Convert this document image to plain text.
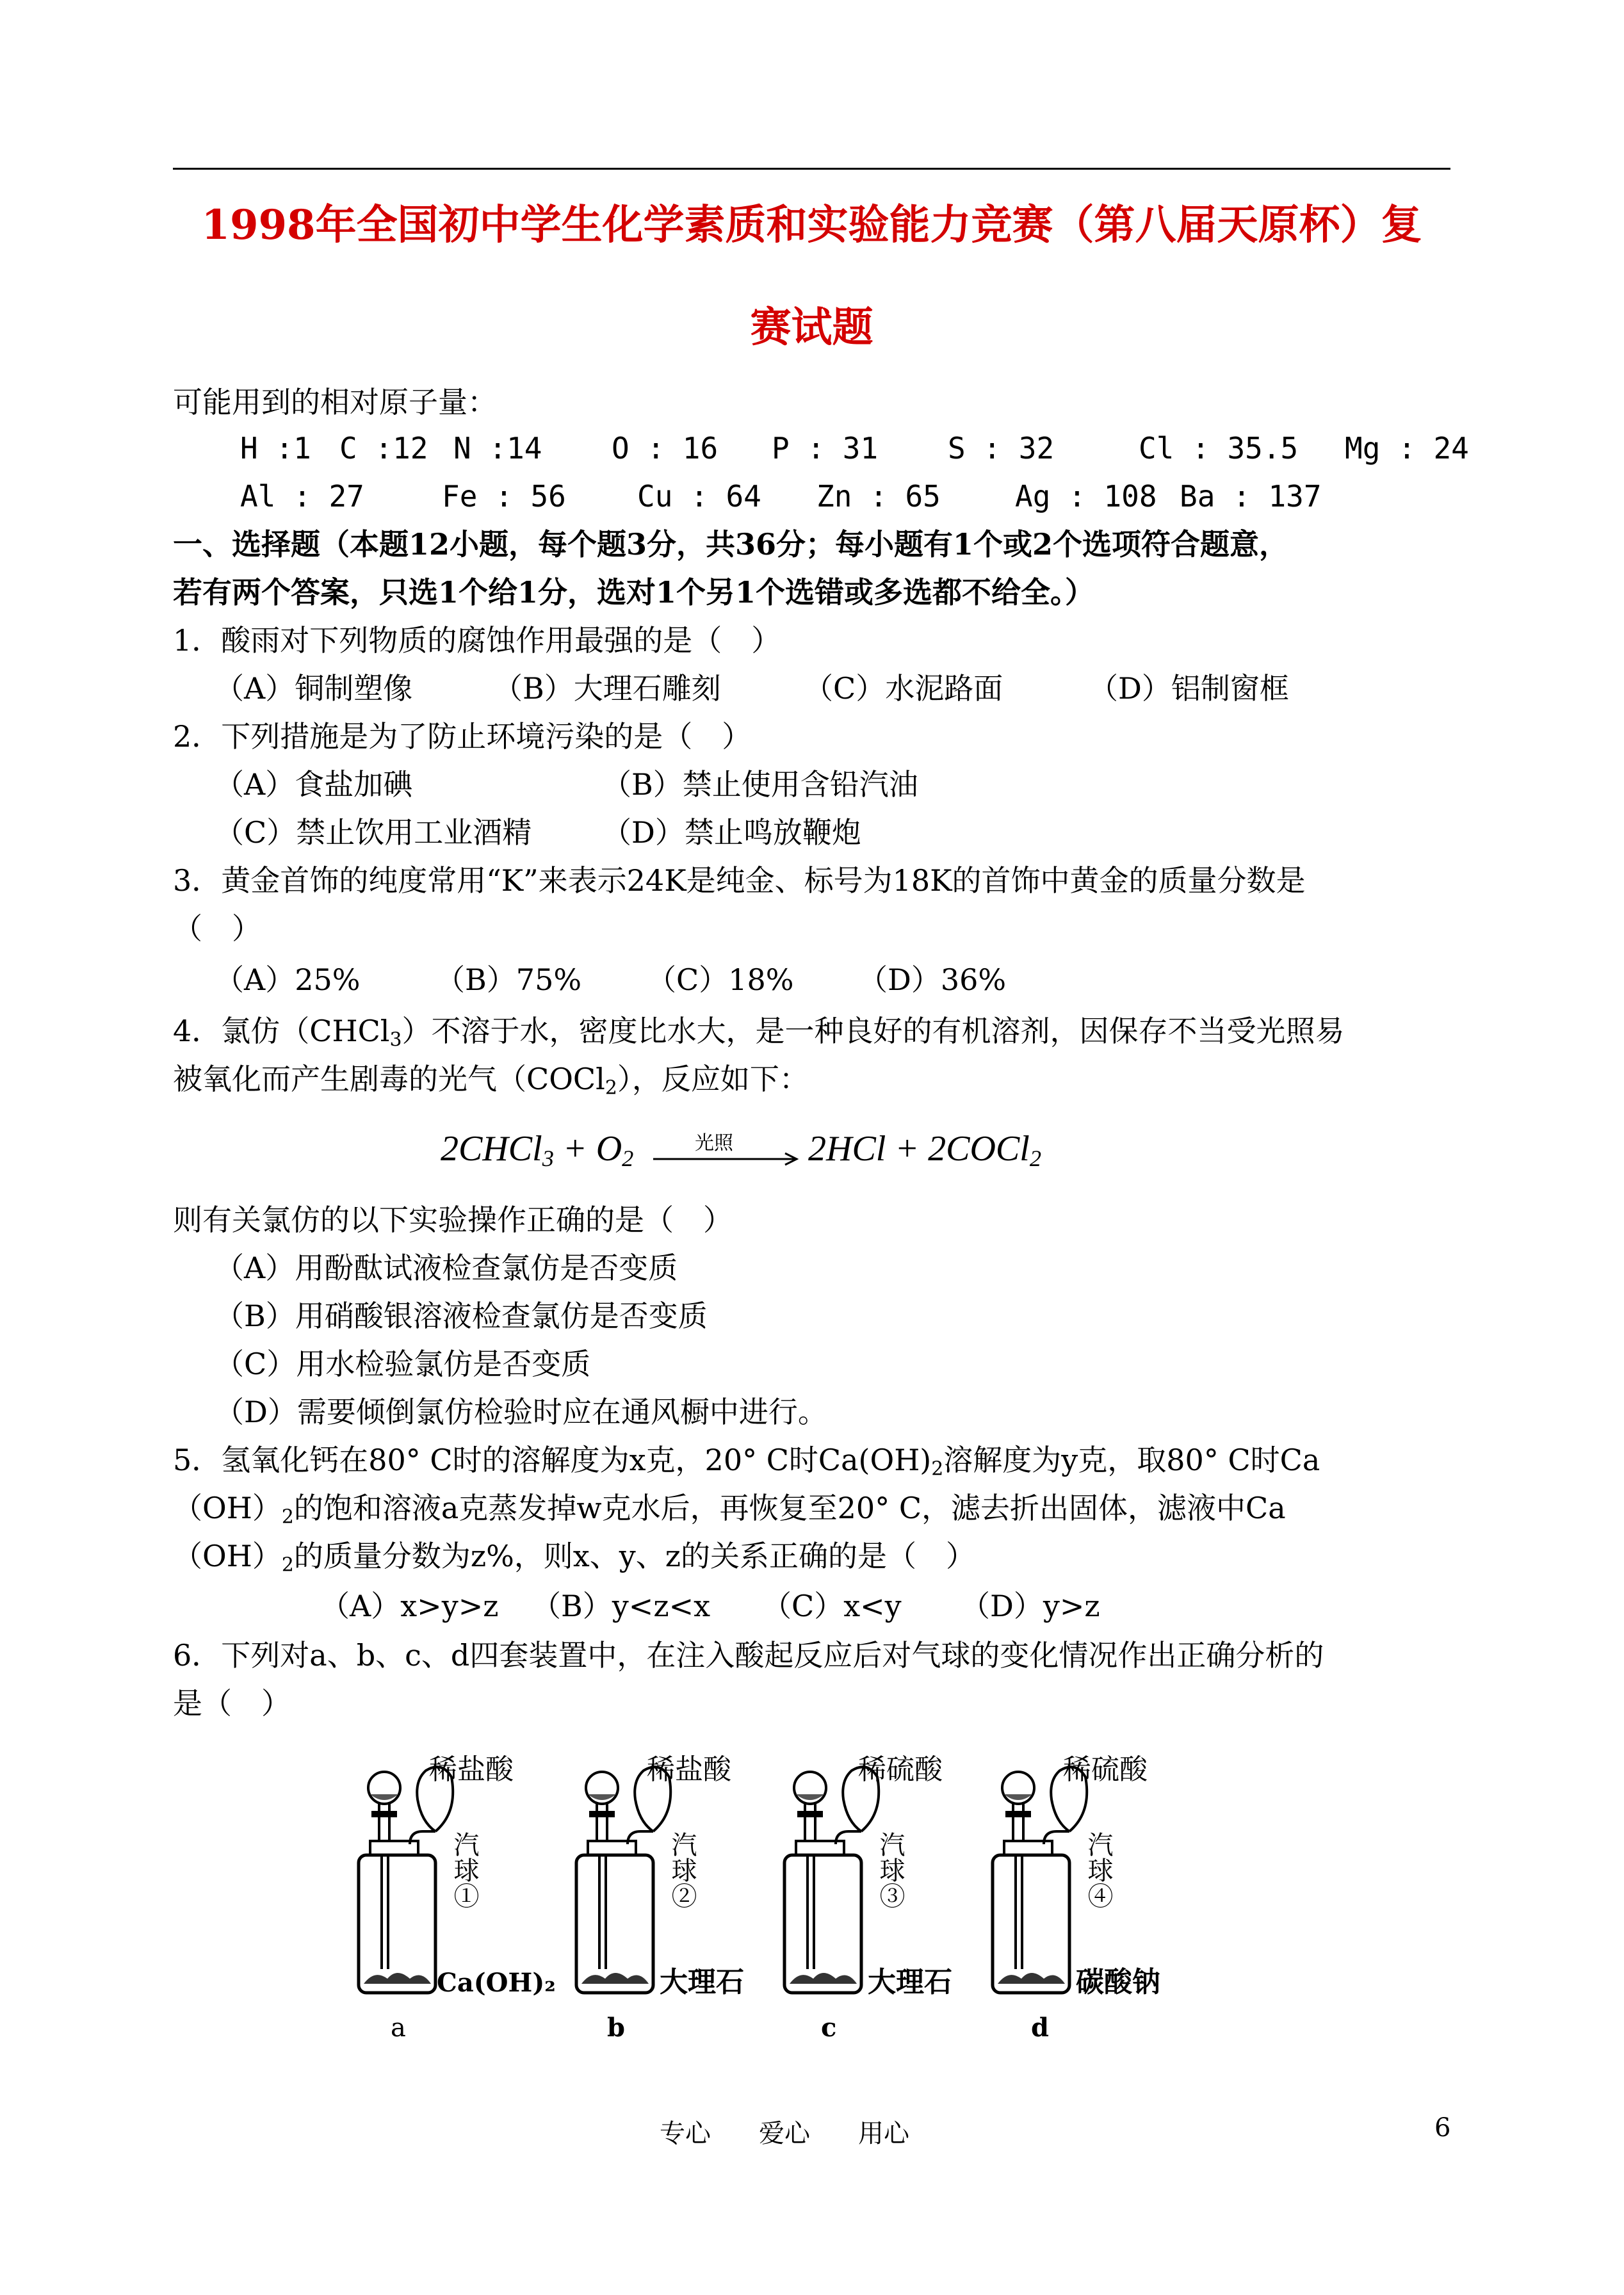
1998年全国初中学生化学素质和实验能力竞赛（第八届天原杯）复
赛试题
可能用到的相对原子量：
H :1 C :12 N :14 O : 16 P : 31 S : 32	Cl : 35.5 Mg : 24
Al : 27	Fe : 56 Cu : 64 Zn : 65	Ag : 108 Ba : 137
一、选择题（本题12小题，每个题3分，共36分；每小题有1个或2个选项符合题意，
若有两个答案，只选1个给1分，选对1个另1个选错或多选都不给全。）
1．酸雨对下列物质的腐蚀作用最强的是（　）
（A）铜制塑像	（B）大理石雕刻	（C）水泥路面	（D）铝制窗框
2．下列措施是为了防止环境污染的是（　）
（A）食盐加碘	（B）禁止使用含铅汽油
（C）禁止饮用工业酒精 （D）禁止鸣放鞭炮
3．黄金首饰的纯度常用“K”来表示24K是纯金、标号为18K的首饰中黄金的质量分数是
（　）
（A）25%	（B）75% （C）18% （D）36%
4．氯仿（CHCl$_3$）不溶于水，密度比水大，是一种良好的有机溶剂，因保存不当受光照易
被氧化而产生剧毒的光气（COCl$_2$），反应如下：
2CHCl$_3$ + $O_2$
光照 2HCl + 2COCl$_2$
则有关氯仿的以下实验操作正确的是（　）
（A）用酚酞试液检查氯仿是否变质
（B）用硝酸银溶液检查氯仿是否变质
（C）用水检验氯仿是否变质
（D）需要倾倒氯仿检验时应在通风橱中进行。
5．氢氧化钙在80° C时的溶解度为x克，20° C时$Ca(OH)_2$溶解度为y克，取80° C时Ca
$(OH)_2$的饱和溶液a克蒸发掉w克水后，再恢复至20° C，滤去折出固体，滤液中Ca
$(OH)_2$的质量分数为z%，则x、y、z的关系正确的是（　）
（A）x>y>z （B）y<z<x （C）x<y （D）y>z
6．下列对a、b、c、d四套装置中，在注入酸起反应后对气球的变化情况作出正确分析的
是（　）
稀盐酸
汽球①
Ca(OH)₂
a
稀盐酸
汽球②
大理石
b
稀硫酸
汽球③
大理石
c
稀硫酸
汽球④
碳酸钠
d
专心 爱心 用心	6
